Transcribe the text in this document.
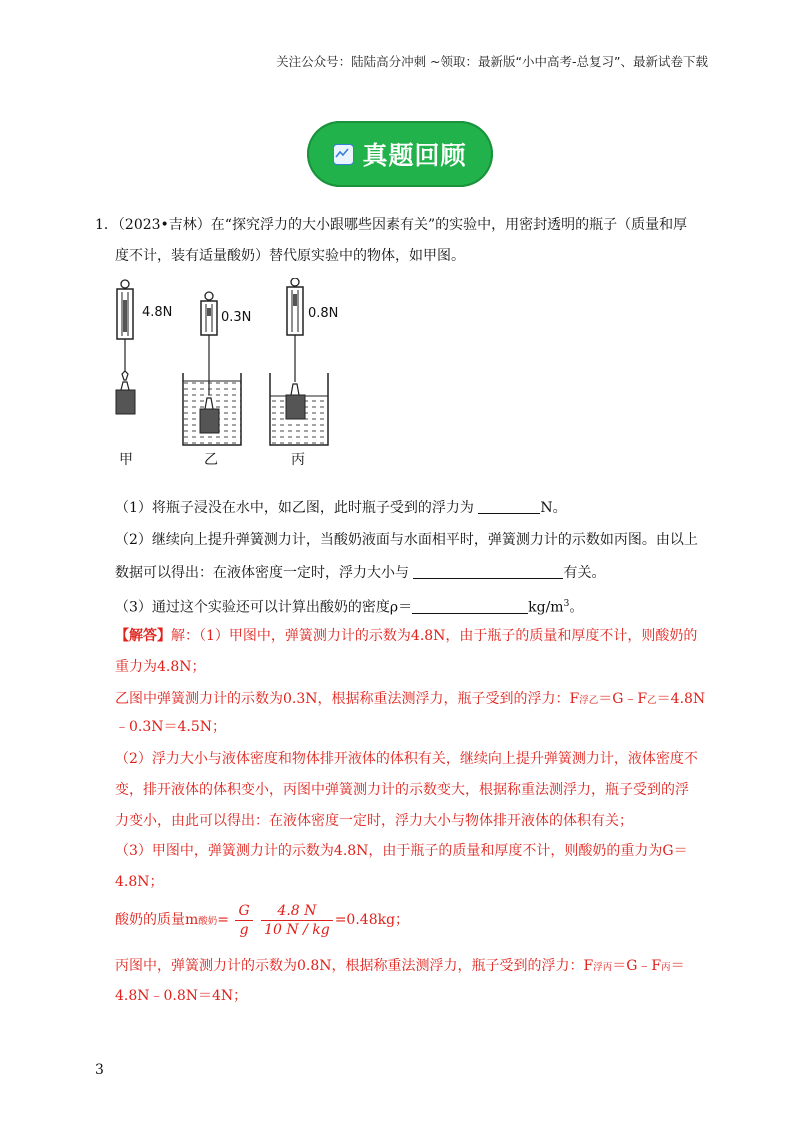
关注公众号：陆陆高分冲刺 ~领取：最新版“小中高考-总复习”、最新试卷下载
真题回顾
1．（2023•吉林）在“探究浮力的大小跟哪些因素有关”的实验中，用密封透明的瓶子（质量和厚
度不计，装有适量酸奶）替代原实验中的物体，如甲图。
4.8N	0.3N	0.8N
甲	乙	丙
（1）将瓶子浸没在水中，如乙图，此时瓶子受到的浮力为	N。
（2）继续向上提升弹簧测力计，当酸奶液面与水面相平时，弹簧测力计的示数如丙图。由以上
数据可以得出：在液体密度一定时，浮力大小与	有关。
（3）通过这个实验还可以计算出酸奶的密度ρ＝	$kg/m^3$。
【解答】解：（1）甲图中，弹簧测力计的示数为4.8N，由于瓶子的质量和厚度不计，则酸奶的
重力为4.8N；
乙图中弹簧测力计的示数为0.3N，根据称重法测浮力，瓶子受到的浮力：F浮乙＝G﹣F乙＝4.8N
﹣0.3N＝4.5N；
（2）浮力大小与液体密度和物体排开液体的体积有关，继续向上提升弹簧测力计，液体密度不
变，排开液体的体积变小，丙图中弹簧测力计的示数变大，根据称重法测浮力，瓶子受到的浮
力变小，由此可以得出：在液体密度一定时，浮力大小与物体排开液体的体积有关；
（3）甲图中，弹簧测力计的示数为4.8N，由于瓶子的质量和厚度不计，则酸奶的重力为G＝
4.8N；
酸奶的质量m酸奶= $\frac{G}{g}$
$\frac{4.8 N}{10 N / kg} =0.48kg$；
丙图中，弹簧测力计的示数为0.8N，根据称重法测浮力，瓶子受到的浮力：F浮丙＝G﹣F丙＝
4.8N﹣0.8N＝4N；
3
